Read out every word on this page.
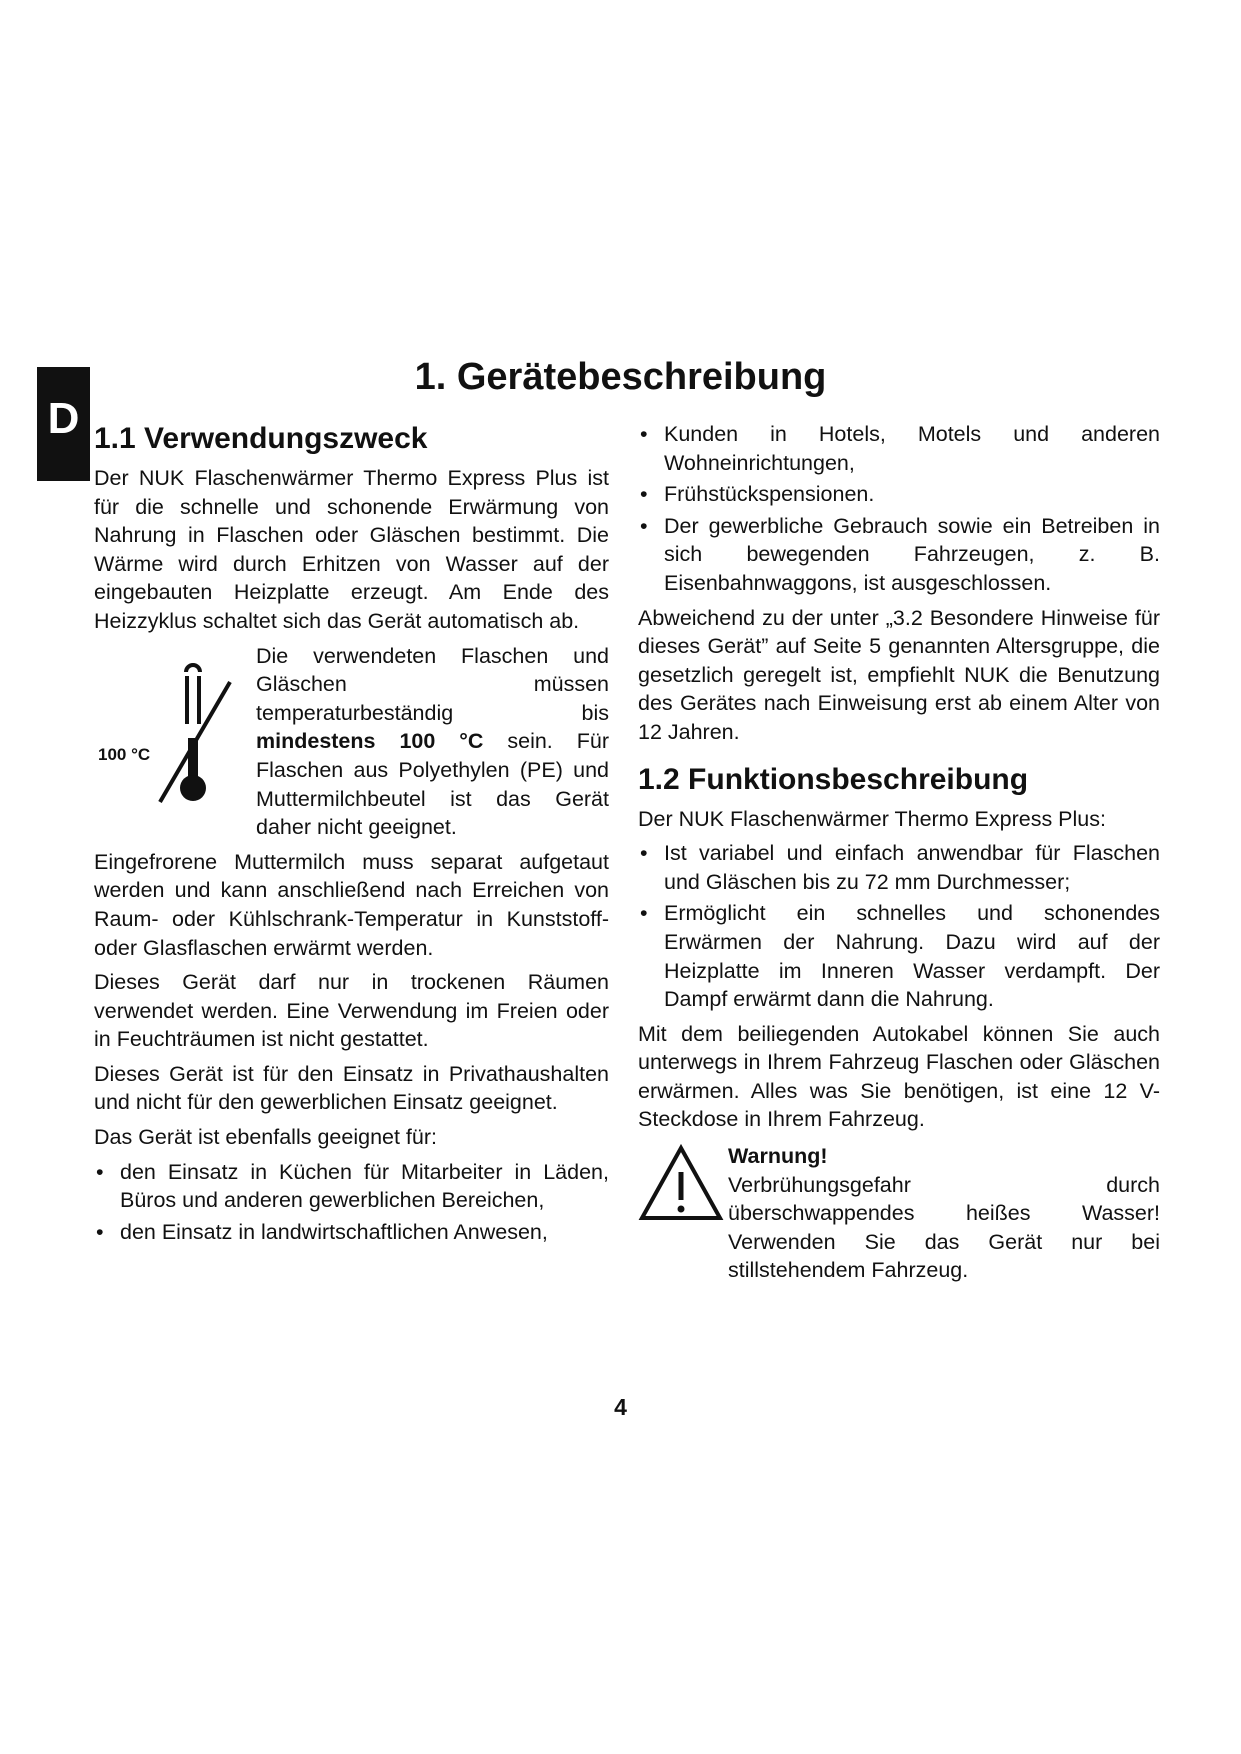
D
1. Gerätebeschreibung
1.1 Verwendungszweck

Der NUK Flaschenwärmer Thermo Express Plus ist für die schnelle und schonende Erwärmung von Nahrung in Flaschen oder Gläschen bestimmt. Die Wärme wird durch Erhitzen von Wasser auf der eingebauten Heizplatte erzeugt. Am Ende des Heizzyklus schaltet sich das Gerät automatisch ab.

100 °C
Die verwendeten Flaschen und Gläschen müssen temperaturbeständig bis mindestens 100 °C sein. Für Flaschen aus Polyethylen (PE) und Muttermilchbeutel ist das Gerät daher nicht geeignet.

Eingefrorene Muttermilch muss separat aufgetaut werden und kann anschließend nach Erreichen von Raum- oder Kühlschrank-Temperatur in Kunststoff- oder Glasflaschen erwärmt werden.

Dieses Gerät darf nur in trockenen Räumen verwendet werden. Eine Verwendung im Freien oder in Feuchträumen ist nicht gestattet.

Dieses Gerät ist für den Einsatz in Privathaushalten und nicht für den gewerblichen Einsatz geeignet.

Das Gerät ist ebenfalls geeignet für:

• den Einsatz in Küchen für Mitarbeiter in Läden, Büros und anderen gewerblichen Bereichen,
• den Einsatz in landwirtschaftlichen Anwesen,
• Kunden in Hotels, Motels und anderen Wohneinrichtungen,
• Frühstückspensionen.
• Der gewerbliche Gebrauch sowie ein Betreiben in sich bewegenden Fahrzeugen, z. B. Eisenbahnwaggons, ist ausgeschlossen.

Abweichend zu der unter „3.2 Besondere Hinweise für dieses Gerät” auf Seite 5 genannten Altersgruppe, die gesetzlich geregelt ist, empfiehlt NUK die Benutzung des Gerätes nach Einweisung erst ab einem Alter von 12 Jahren.

1.2 Funktionsbeschreibung

Der NUK Flaschenwärmer Thermo Express Plus:

• Ist variabel und einfach anwendbar für Flaschen und Gläschen bis zu 72 mm Durchmesser;
• Ermöglicht ein schnelles und schonendes Erwärmen der Nahrung. Dazu wird auf der Heizplatte im Inneren Wasser verdampft. Der Dampf erwärmt dann die Nahrung.

Mit dem beiliegenden Autokabel können Sie auch unterwegs in Ihrem Fahrzeug Flaschen oder Gläschen erwärmen. Alles was Sie benötigen, ist eine 12 V-Steckdose in Ihrem Fahrzeug.

Warnung!
Verbrühungsgefahr durch überschwappendes heißes Wasser! Verwenden Sie das Gerät nur bei stillstehendem Fahrzeug.
4
